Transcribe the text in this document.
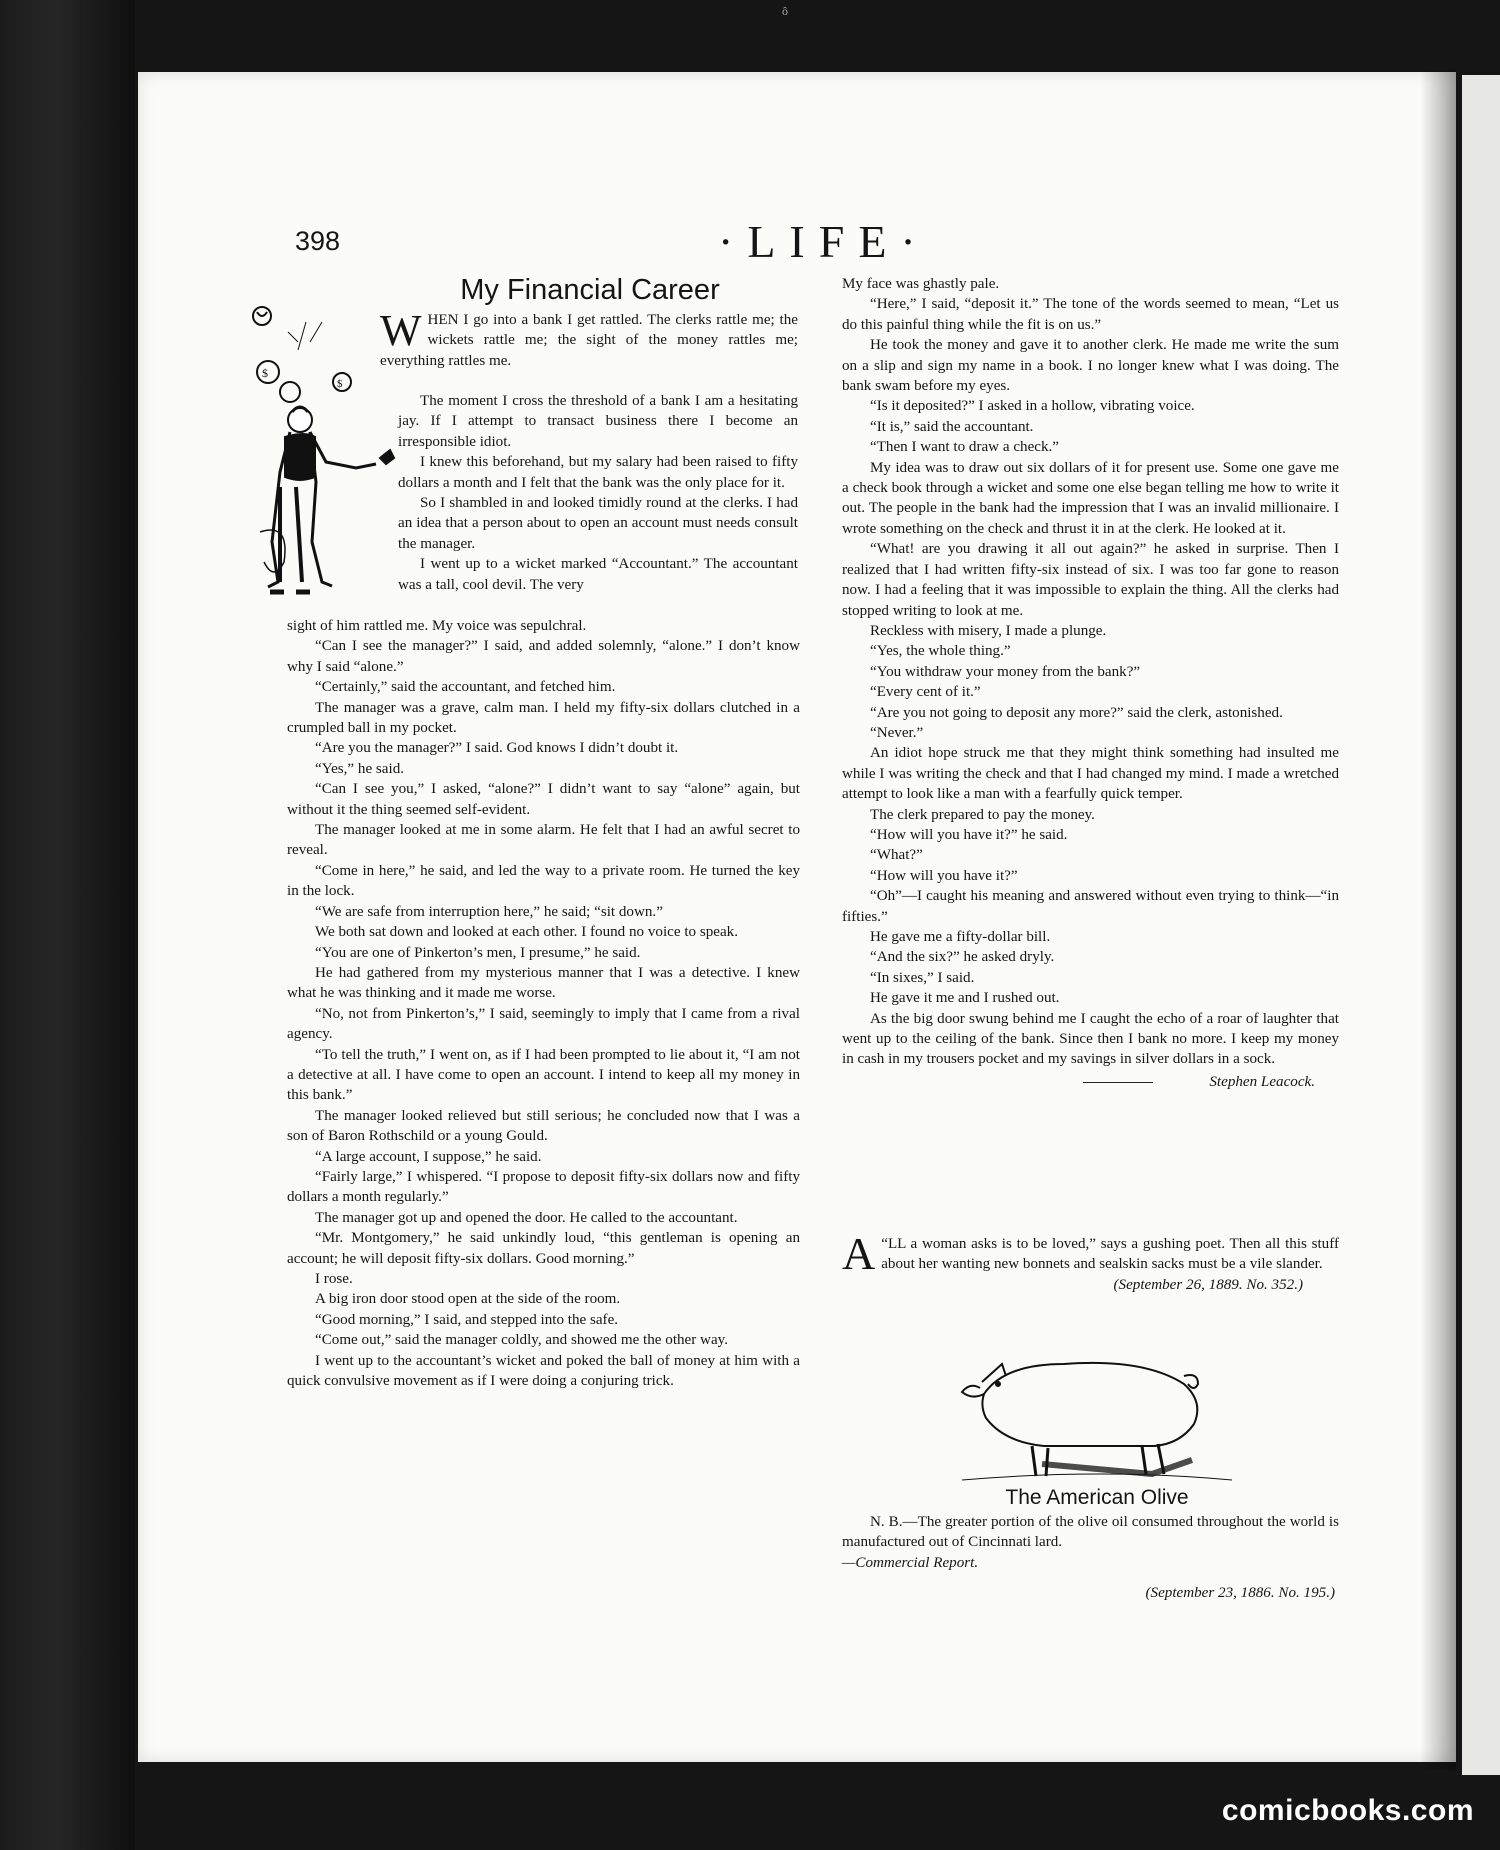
ô
398	·LIFE·
My Financial Career
$
$

WHEN I go into a bank I get rattled. The clerks rattle me; the wickets rattle me; the sight of the money rattles me; everything rattles me.

The moment I cross the threshold of a bank I am a hesitating jay. If I attempt to transact business there I become an irresponsible idiot.

I knew this beforehand, but my salary had been raised to fifty dollars a month and I felt that the bank was the only place for it.

So I shambled in and looked timidly round at the clerks. I had an idea that a person about to open an account must needs consult the manager.

I went up to a wicket marked “Accountant.” The accountant was a tall, cool devil. The very

sight of him rattled me. My voice was sepulchral.

“Can I see the manager?” I said, and added solemnly, “alone.” I don’t know why I said “alone.”

“Certainly,” said the accountant, and fetched him.

The manager was a grave, calm man. I held my fifty-six dollars clutched in a crumpled ball in my pocket.

“Are you the manager?” I said. God knows I didn’t doubt it.

“Yes,” he said.

“Can I see you,” I asked, “alone?” I didn’t want to say “alone” again, but without it the thing seemed self-evident.

The manager looked at me in some alarm. He felt that I had an awful secret to reveal.

“Come in here,” he said, and led the way to a private room. He turned the key in the lock.

“We are safe from interruption here,” he said; “sit down.”

We both sat down and looked at each other. I found no voice to speak.

“You are one of Pinkerton’s men, I presume,” he said.

He had gathered from my mysterious manner that I was a detective. I knew what he was thinking and it made me worse.

“No, not from Pinkerton’s,” I said, seemingly to imply that I came from a rival agency.

“To tell the truth,” I went on, as if I had been prompted to lie about it, “I am not a detective at all. I have come to open an account. I intend to keep all my money in this bank.”

The manager looked relieved but still serious; he concluded now that I was a son of Baron Rothschild or a young Gould.

“A large account, I suppose,” he said.

“Fairly large,” I whispered. “I propose to deposit fifty-six dollars now and fifty dollars a month regularly.”

The manager got up and opened the door. He called to the accountant.

“Mr. Montgomery,” he said unkindly loud, “this gentleman is opening an account; he will deposit fifty-six dollars. Good morning.”

I rose.

A big iron door stood open at the side of the room.

“Good morning,” I said, and stepped into the safe.

“Come out,” said the manager coldly, and showed me the other way.

I went up to the accountant’s wicket and poked the ball of money at him with a quick convulsive movement as if I were doing a conjuring trick.

My face was ghastly pale.

“Here,” I said, “deposit it.” The tone of the words seemed to mean, “Let us do this painful thing while the fit is on us.”

He took the money and gave it to another clerk. He made me write the sum on a slip and sign my name in a book. I no longer knew what I was doing. The bank swam before my eyes.

“Is it deposited?” I asked in a hollow, vibrating voice.

“It is,” said the accountant.

“Then I want to draw a check.”

My idea was to draw out six dollars of it for present use. Some one gave me a check book through a wicket and some one else began telling me how to write it out. The people in the bank had the impression that I was an invalid millionaire. I wrote something on the check and thrust it in at the clerk. He looked at it.

“What! are you drawing it all out again?” he asked in surprise. Then I realized that I had written fifty-six instead of six. I was too far gone to reason now. I had a feeling that it was impossible to explain the thing. All the clerks had stopped writing to look at me.

Reckless with misery, I made a plunge.

“Yes, the whole thing.”

“You withdraw your money from the bank?”

“Every cent of it.”

“Are you not going to deposit any more?” said the clerk, astonished.

“Never.”

An idiot hope struck me that they might think something had insulted me while I was writing the check and that I had changed my mind. I made a wretched attempt to look like a man with a fearfully quick temper.

The clerk prepared to pay the money.

“How will you have it?” he said.

“What?”

“How will you have it?”

“Oh”—I caught his meaning and answered without even trying to think—“in fifties.”

He gave me a fifty-dollar bill.

“And the six?” he asked dryly.

“In sixes,” I said.

He gave it me and I rushed out.

As the big door swung behind me I caught the echo of a roar of laughter that went up to the ceiling of the bank. Since then I bank no more. I keep my money in cash in my trousers pocket and my savings in silver dollars in a sock.

Stephen Leacock.

“
A LL a woman asks is to be loved,” says a gushing poet. Then all this stuff about her wanting new bonnets and sealskin sacks must be a vile slander.

(September 26, 1889. No. 352.)
The American Olive

N. B.—The greater portion of the olive oil consumed throughout the world is manufactured out of Cincinnati lard.

—Commercial Report.

(September 23, 1886. No. 195.)
comicbooks.com
